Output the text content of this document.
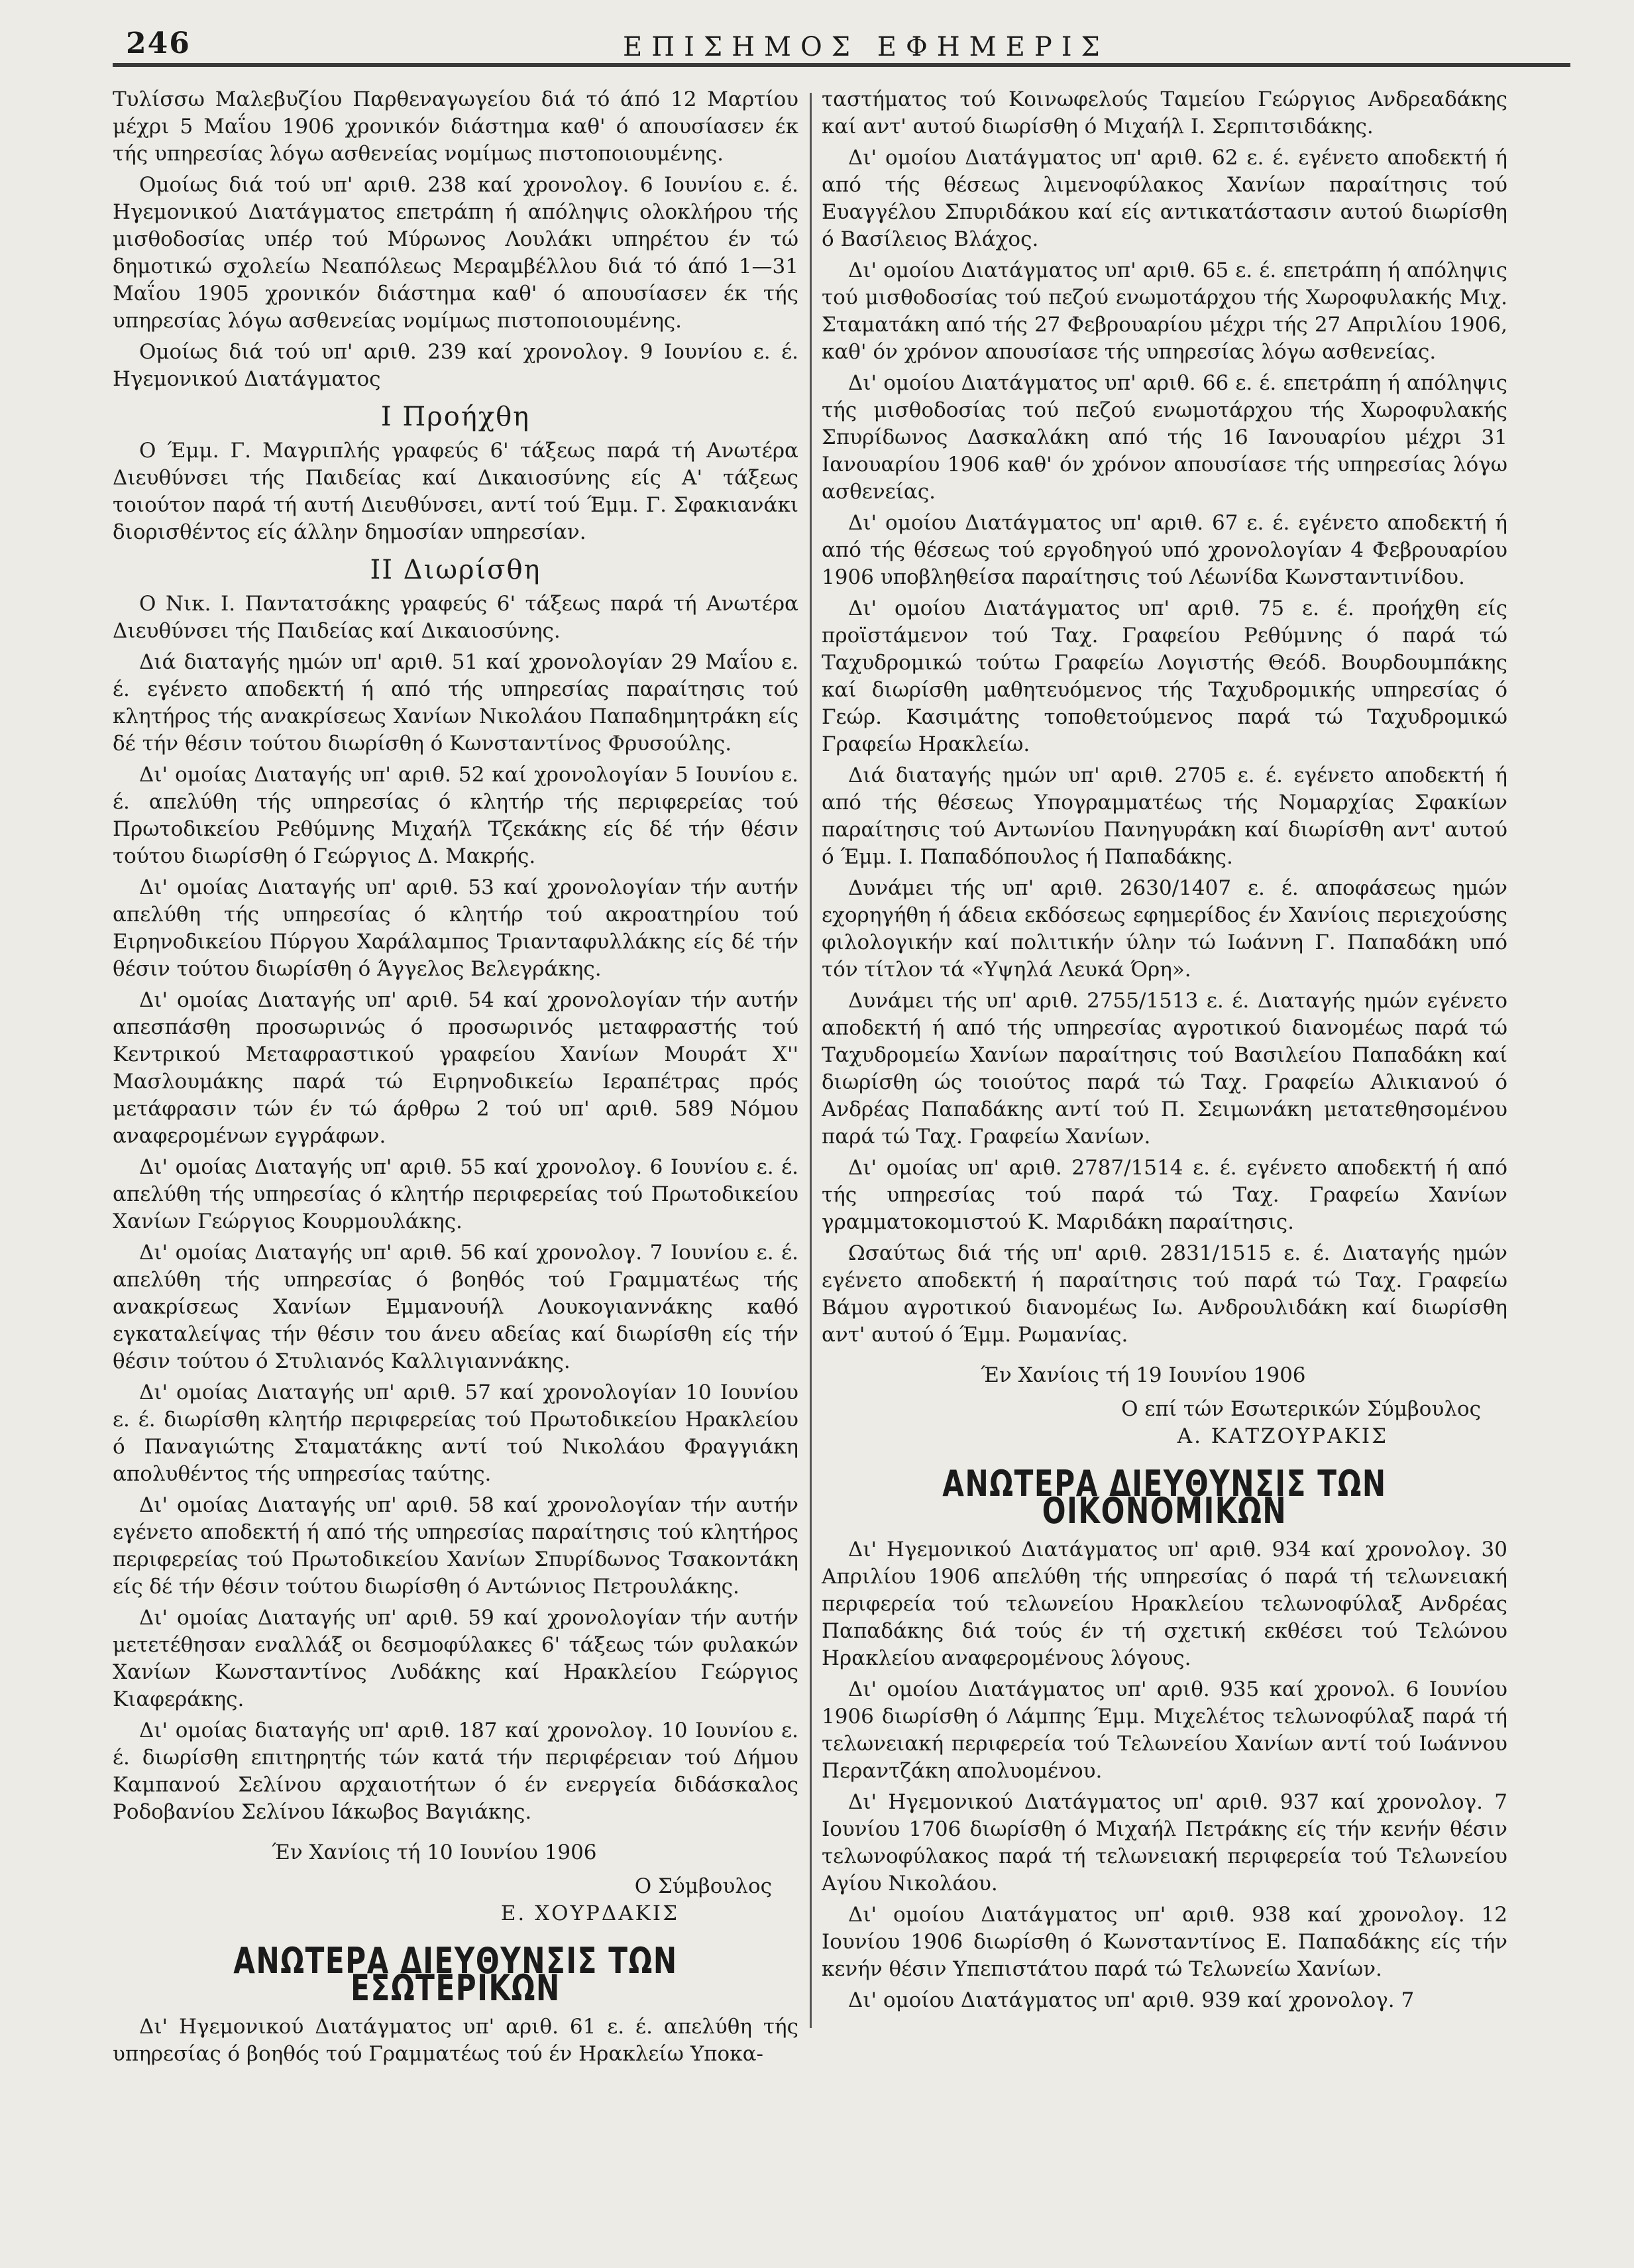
246	ΕΠΙΣΗΜΟΣ ΕΦΗΜΕΡΙΣ

Τυλίσσω Μαλεβυζίου Παρθεναγωγείου διά τό άπό 12 Μαρτίου μέχρι 5 Μαΐου 1906 χρονικόν διάστημα καθ' ό απουσίασεν έκ τής υπηρεσίας λόγω ασθενείας νομίμως πιστοποιουμένης.

Ομοίως διά τού υπ' αριθ. 238 καί χρονολογ. 6 Ιουνίου ε. έ. Ηγεμονικού Διατάγματος επετράπη ή απόληψις ολοκλήρου τής μισθοδοσίας υπέρ τού Μύρωνος Λουλάκι υπηρέτου έν τώ δημοτικώ σχολείω Νεαπόλεως Μεραμβέλλου διά τό άπό 1—31 Μαΐου 1905 χρονικόν διάστημα καθ' ό απουσίασεν έκ τής υπηρεσίας λόγω ασθενείας νομίμως πιστοποιουμένης.

Ομοίως διά τού υπ' αριθ. 239 καί χρονολογ. 9 Ιουνίου ε. έ. Ηγεμονικού Διατάγματος

Ι Προήχθη

Ο Έμμ. Γ. Μαγριπλής γραφεύς 6' τάξεως παρά τή Ανωτέρα Διευθύνσει τής Παιδείας καί Δικαιοσύνης είς Α' τάξεως τοιούτον παρά τή αυτή Διευθύνσει, αντί τού Έμμ. Γ. Σφακιανάκι διορισθέντος είς άλλην δημοσίαν υπηρεσίαν.

ΙΙ Διωρίσθη

Ο Νικ. Ι. Παντατσάκης γραφεύς 6' τάξεως παρά τή Ανωτέρα Διευθύνσει τής Παιδείας καί Δικαιοσύνης.

Διά διαταγής ημών υπ' αριθ. 51 καί χρονολογίαν 29 Μαΐου ε. έ. εγένετο αποδεκτή ή από τής υπηρεσίας παραίτησις τού κλητήρος τής ανακρίσεως Χανίων Νικολάου Παπαδημητράκη είς δέ τήν θέσιν τούτου διωρίσθη ό Κωνσταντίνος Φρυσούλης.

Δι' ομοίας Διαταγής υπ' αριθ. 52 καί χρονολογίαν 5 Ιουνίου ε. έ. απελύθη τής υπηρεσίας ό κλητήρ τής περιφερείας τού Πρωτοδικείου Ρεθύμνης Μιχαήλ Τζεκάκης είς δέ τήν θέσιν τούτου διωρίσθη ό Γεώργιος Δ. Μακρής.

Δι' ομοίας Διαταγής υπ' αριθ. 53 καί χρονολογίαν τήν αυτήν απελύθη τής υπηρεσίας ό κλητήρ τού ακροατηρίου τού Ειρηνοδικείου Πύργου Χαράλαμπος Τριανταφυλλάκης είς δέ τήν θέσιν τούτου διωρίσθη ό Άγγελος Βελεγράκης.

Δι' ομοίας Διαταγής υπ' αριθ. 54 καί χρονολογίαν τήν αυτήν απεσπάσθη προσωρινώς ό προσωρινός μεταφραστής τού Κεντρικού Μεταφραστικού γραφείου Χανίων Μουράτ Χ'' Μασλουμάκης παρά τώ Ειρηνοδικείω Ιεραπέτρας πρός μετάφρασιν τών έν τώ άρθρω 2 τού υπ' αριθ. 589 Νόμου αναφερομένων εγγράφων.

Δι' ομοίας Διαταγής υπ' αριθ. 55 καί χρονολογ. 6 Ιουνίου ε. έ. απελύθη τής υπηρεσίας ό κλητήρ περιφερείας τού Πρωτοδικείου Χανίων Γεώργιος Κουρμουλάκης.

Δι' ομοίας Διαταγής υπ' αριθ. 56 καί χρονολογ. 7 Ιουνίου ε. έ. απελύθη τής υπηρεσίας ό βοηθός τού Γραμματέως τής ανακρίσεως Χανίων Εμμανουήλ Λουκογιαννάκης καθό εγκαταλείψας τήν θέσιν του άνευ αδείας καί διωρίσθη είς τήν θέσιν τούτου ό Στυλιανός Καλλιγιαννάκης.

Δι' ομοίας Διαταγής υπ' αριθ. 57 καί χρονολογίαν 10 Ιουνίου ε. έ. διωρίσθη κλητήρ περιφερείας τού Πρωτοδικείου Ηρακλείου ό Παναγιώτης Σταματάκης αντί τού Νικολάου Φραγγιάκη απολυθέντος τής υπηρεσίας ταύτης.

Δι' ομοίας Διαταγής υπ' αριθ. 58 καί χρονολογίαν τήν αυτήν εγένετο αποδεκτή ή από τής υπηρεσίας παραίτησις τού κλητήρος περιφερείας τού Πρωτοδικείου Χανίων Σπυρίδωνος Τσακοντάκη είς δέ τήν θέσιν τούτου διωρίσθη ό Αντώνιος Πετρουλάκης.

Δι' ομοίας Διαταγής υπ' αριθ. 59 καί χρονολογίαν τήν αυτήν μετετέθησαν εναλλάξ οι δεσμοφύλακες 6' τάξεως τών φυλακών Χανίων Κωνσταντίνος Λυδάκης καί Ηρακλείου Γεώργιος Κιαφεράκης.

Δι' ομοίας διαταγής υπ' αριθ. 187 καί χρονολογ. 10 Ιουνίου ε. έ. διωρίσθη επιτηρητής τών κατά τήν περιφέρειαν τού Δήμου Καμπανού Σελίνου αρχαιοτήτων ό έν ενεργεία διδάσκαλος Ροδοβανίου Σελίνου Ιάκωβος Βαγιάκης.

Έν Χανίοις τή 10 Ιουνίου 1906

Ο Σύμβουλος
Ε. ΧΟΥΡΔΑΚΙΣ
ΑΝΩΤΕΡΑ ΔΙΕΥΘΥΝΣΙΣ ΤΩΝ ΕΣΩΤΕΡΙΚΩΝ

Δι' Ηγεμονικού Διατάγματος υπ' αριθ. 61 ε. έ. απελύθη τής υπηρεσίας ό βοηθός τού Γραμματέως τού έν Ηρακλείω Υποκα-

ταστήματος τού Κοινωφελούς Ταμείου Γεώργιος Ανδρεαδάκης καί αντ' αυτού διωρίσθη ό Μιχαήλ Ι. Σερπιτσιδάκης.

Δι' ομοίου Διατάγματος υπ' αριθ. 62 ε. έ. εγένετο αποδεκτή ή από τής θέσεως λιμενοφύλακος Χανίων παραίτησις τού Ευαγγέλου Σπυριδάκου καί είς αντικατάστασιν αυτού διωρίσθη ό Βασίλειος Βλάχος.

Δι' ομοίου Διατάγματος υπ' αριθ. 65 ε. έ. επετράπη ή απόληψις τού μισθοδοσίας τού πεζού ενωμοτάρχου τής Χωροφυλακής Μιχ. Σταματάκη από τής 27 Φεβρουαρίου μέχρι τής 27 Απριλίου 1906, καθ' όν χρόνον απουσίασε τής υπηρεσίας λόγω ασθενείας.

Δι' ομοίου Διατάγματος υπ' αριθ. 66 ε. έ. επετράπη ή απόληψις τής μισθοδοσίας τού πεζού ενωμοτάρχου τής Χωροφυλακής Σπυρίδωνος Δασκαλάκη από τής 16 Ιανουαρίου μέχρι 31 Ιανουαρίου 1906 καθ' όν χρόνον απουσίασε τής υπηρεσίας λόγω ασθενείας.

Δι' ομοίου Διατάγματος υπ' αριθ. 67 ε. έ. εγένετο αποδεκτή ή από τής θέσεως τού εργοδηγού υπό χρονολογίαν 4 Φεβρουαρίου 1906 υποβληθείσα παραίτησις τού Λέωνίδα Κωνσταντινίδου.

Δι' ομοίου Διατάγματος υπ' αριθ. 75 ε. έ. προήχθη είς προϊστάμενον τού Ταχ. Γραφείου Ρεθύμνης ό παρά τώ Ταχυδρομικώ τούτω Γραφείω Λογιστής Θεόδ. Βουρδουμπάκης καί διωρίσθη μαθητευόμενος τής Ταχυδρομικής υπηρεσίας ό Γεώρ. Κασιμάτης τοποθετούμενος παρά τώ Ταχυδρομικώ Γραφείω Ηρακλείω.

Διά διαταγής ημών υπ' αριθ. 2705 ε. έ. εγένετο αποδεκτή ή από τής θέσεως Υπογραμματέως τής Νομαρχίας Σφακίων παραίτησις τού Αντωνίου Πανηγυράκη καί διωρίσθη αντ' αυτού ό Έμμ. Ι. Παπαδόπουλος ή Παπαδάκης.

Δυνάμει τής υπ' αριθ. 2630/1407 ε. έ. αποφάσεως ημών εχορηγήθη ή άδεια εκδόσεως εφημερίδος έν Χανίοις περιεχούσης φιλολογικήν καί πολιτικήν ύλην τώ Ιωάννη Γ. Παπαδάκη υπό τόν τίτλον τά «Υψηλά Λευκά Όρη».

Δυνάμει τής υπ' αριθ. 2755/1513 ε. έ. Διαταγής ημών εγένετο αποδεκτή ή από τής υπηρεσίας αγροτικού διανομέως παρά τώ Ταχυδρομείω Χανίων παραίτησις τού Βασιλείου Παπαδάκη καί διωρίσθη ώς τοιούτος παρά τώ Ταχ. Γραφείω Αλικιανού ό Ανδρέας Παπαδάκης αντί τού Π. Σειμωνάκη μετατεθησομένου παρά τώ Ταχ. Γραφείω Χανίων.

Δι' ομοίας υπ' αριθ. 2787/1514 ε. έ. εγένετο αποδεκτή ή από τής υπηρεσίας τού παρά τώ Ταχ. Γραφείω Χανίων γραμματοκομιστού Κ. Μαριδάκη παραίτησις.

Ωσαύτως διά τής υπ' αριθ. 2831/1515 ε. έ. Διαταγής ημών εγένετο αποδεκτή ή παραίτησις τού παρά τώ Ταχ. Γραφείω Βάμου αγροτικού διανομέως Ιω. Ανδρουλιδάκη καί διωρίσθη αντ' αυτού ό Έμμ. Ρωμανίας.

Έν Χανίοις τή 19 Ιουνίου 1906

Ο επί τών Εσωτερικών Σύμβουλος
Α. ΚΑΤΖΟΥΡΑΚΙΣ
ΑΝΩΤΕΡΑ ΔΙΕΥΘΥΝΣΙΣ ΤΩΝ ΟΙΚΟΝΟΜΙΚΩΝ

Δι' Ηγεμονικού Διατάγματος υπ' αριθ. 934 καί χρονολογ. 30 Απριλίου 1906 απελύθη τής υπηρεσίας ό παρά τή τελωνειακή περιφερεία τού τελωνείου Ηρακλείου τελωνοφύλαξ Ανδρέας Παπαδάκης διά τούς έν τή σχετική εκθέσει τού Τελώνου Ηρακλείου αναφερομένους λόγους.

Δι' ομοίου Διατάγματος υπ' αριθ. 935 καί χρονολ. 6 Ιουνίου 1906 διωρίσθη ό Λάμπης Έμμ. Μιχελέτος τελωνοφύλαξ παρά τή τελωνειακή περιφερεία τού Τελωνείου Χανίων αντί τού Ιωάννου Περαντζάκη απολυομένου.

Δι' Ηγεμονικού Διατάγματος υπ' αριθ. 937 καί χρονολογ. 7 Ιουνίου 1706 διωρίσθη ό Μιχαήλ Πετράκης είς τήν κενήν θέσιν τελωνοφύλακος παρά τή τελωνειακή περιφερεία τού Τελωνείου Αγίου Νικολάου.

Δι' ομοίου Διατάγματος υπ' αριθ. 938 καί χρονολογ. 12 Ιουνίου 1906 διωρίσθη ό Κωνσταντίνος Ε. Παπαδάκης είς τήν κενήν θέσιν Υπεπιστάτου παρά τώ Τελωνείω Χανίων.

Δι' ομοίου Διατάγματος υπ' αριθ. 939 καί χρονολογ. 7
